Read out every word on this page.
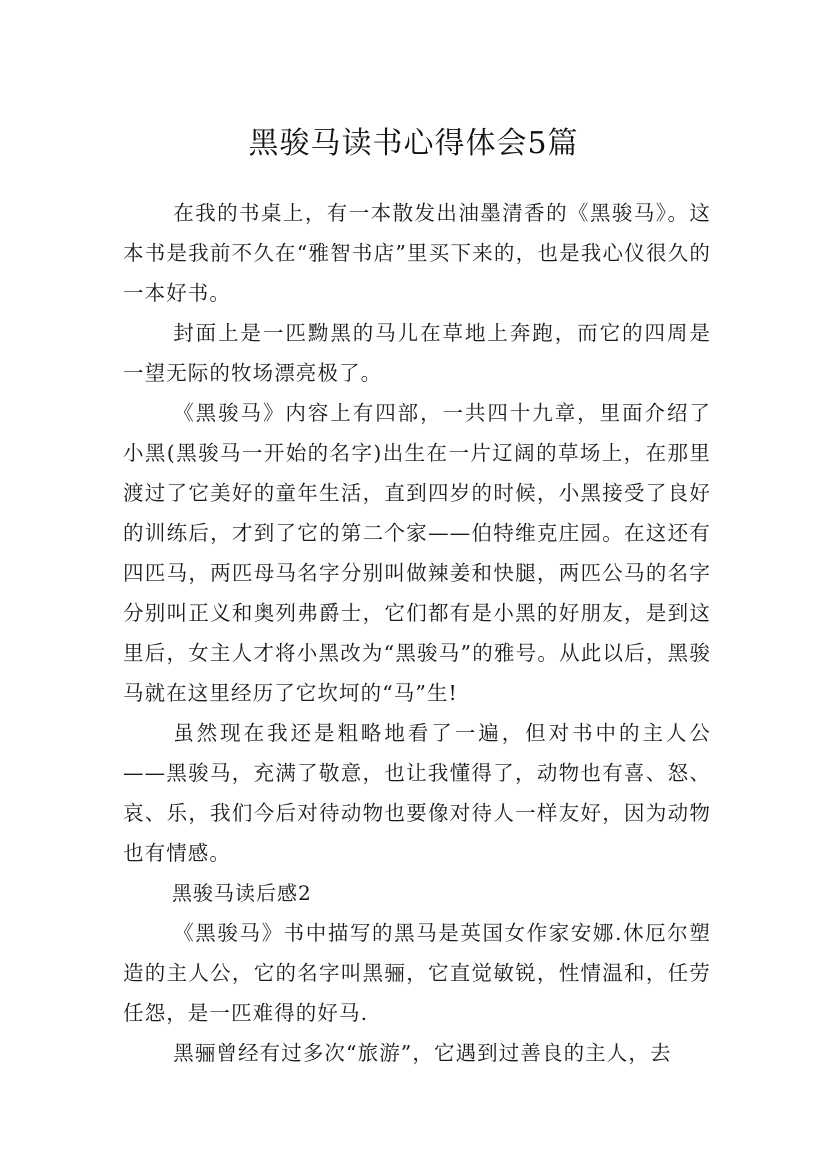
黑骏马读书心得体会5篇

在我的书桌上，有一本散发出油墨清香的《黑骏马》。这本书是我前不久在“雅智书店”里买下来的，也是我心仪很久的一本好书。

封面上是一匹黝黑的马儿在草地上奔跑，而它的四周是一望无际的牧场漂亮极了。

《黑骏马》内容上有四部，一共四十九章，里面介绍了小黑(黑骏马一开始的名字)出生在一片辽阔的草场上，在那里渡过了它美好的童年生活，直到四岁的时候，小黑接受了良好的训练后，才到了它的第二个家——伯特维克庄园。在这还有四匹马，两匹母马名字分别叫做辣姜和快腿，两匹公马的名字分别叫正义和奥列弗爵士，它们都有是小黑的好朋友，是到这里后，女主人才将小黑改为“黑骏马”的雅号。从此以后，黑骏马就在这里经历了它坎坷的“马”生!

虽然现在我还是粗略地看了一遍，但对书中的主人公——黑骏马，充满了敬意，也让我懂得了，动物也有喜、怒、哀、乐，我们今后对待动物也要像对待人一样友好，因为动物也有情感。

黑骏马读后感2

《黑骏马》书中描写的黑马是英国女作家安娜.休厄尔塑造的主人公，它的名字叫黑骊，它直觉敏锐，性情温和，任劳任怨，是一匹难得的好马.

黑骊曾经有过多次“旅游”，它遇到过善良的主人，去
